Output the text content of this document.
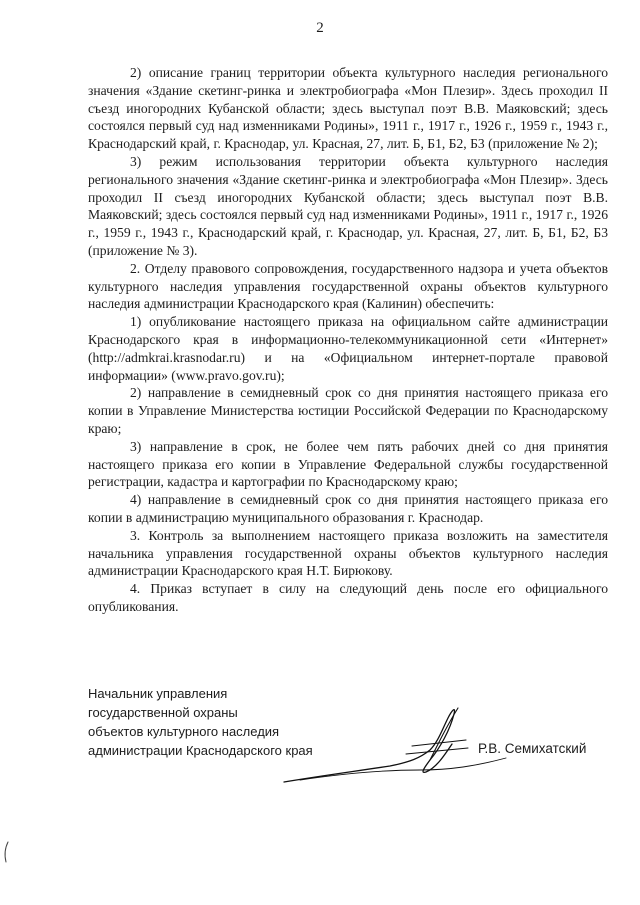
2

2) описание границ территории объекта культурного наследия регионального значения «Здание скетинг-ринка и электробиографа «Мон Плезир». Здесь проходил II съезд иногородних Кубанской области; здесь выступал поэт В.В. Маяковский; здесь состоялся первый суд над изменниками Родины», 1911 г., 1917 г., 1926 г., 1959 г., 1943 г., Краснодарский край, г. Краснодар, ул. Красная, 27, лит. Б, Б1, Б2, Б3 (приложение № 2);

3) режим использования территории объекта культурного наследия регионального значения «Здание скетинг-ринка и электробиографа «Мон Плезир». Здесь проходил II съезд иногородних Кубанской области; здесь выступал поэт В.В. Маяковский; здесь состоялся первый суд над изменниками Родины», 1911 г., 1917 г., 1926 г., 1959 г., 1943 г., Краснодарский край, г. Краснодар, ул. Красная, 27, лит. Б, Б1, Б2, Б3 (приложение № 3).

2. Отделу правового сопровождения, государственного надзора и учета объектов культурного наследия управления государственной охраны объектов культурного наследия администрации Краснодарского края (Калинин) обеспечить:

1) опубликование настоящего приказа на официальном сайте администрации Краснодарского края в информационно-телекоммуникационной сети «Интернет» (http://admkrai.krasnodar.ru) и на «Официальном интернет-портале правовой информации» (www.pravo.gov.ru);

2) направление в семидневный срок со дня принятия настоящего приказа его копии в Управление Министерства юстиции Российской Федерации по Краснодарскому краю;

3) направление в срок, не более чем пять рабочих дней со дня принятия настоящего приказа его копии в Управление Федеральной службы государственной регистрации, кадастра и картографии по Краснодарскому краю;

4) направление в семидневный срок со дня принятия настоящего приказа его копии в администрацию муниципального образования г. Краснодар.

3. Контроль за выполнением настоящего приказа возложить на заместителя начальника управления государственной охраны объектов культурного наследия администрации Краснодарского края Н.Т. Бирюкову.

4. Приказ вступает в силу на следующий день после его официального опубликования.

Начальник управления
государственной охраны
объектов культурного наследия
администрации Краснодарского края	Р.В. Семихатский
